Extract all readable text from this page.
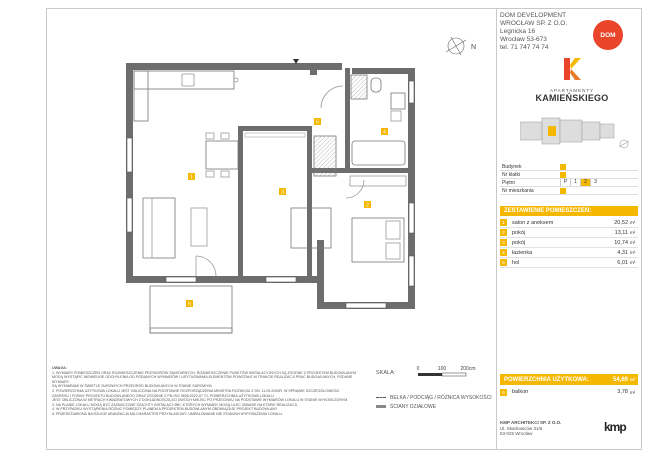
1
2
3
4
5
6
N
DOM DEVELOPMENT
WROCŁAW SP. Z O.O.
Legnicka 16
Wrocław 53-673
tel. 71 747 74 74
DOM
APARTAMENTY
KAMIEŃSKIEGO
Budynek
Nr klatki
Piętro	P	1	2	3
Nr mieszkania
ZESTAWIENIE POMIESZCZEŃ:
1	salon z aneksem	20,52 m²
2	pokój	13,11 m²
3	pokój	10,74 m²
4	łazienka	4,31 m²
5	hol	6,01 m²
POWIERZCHNIA UŻYTKOWA:	54,69 m²
6	balkon	3,78 m²
UWAGA:
1. WYMIARY POMIESZCZEŃ ORAZ ROZMIESZCZENIE PRZYBORÓW SANITARNYCH, ROZMIESZCZENIE PUNKTÓW INSTALACYJNYCH SĄ ZGODNE Z PROJEKTEM BUDOWLANYM.
MOGĄ WYSTĄPIĆ NIEWIELKIE ODCHYLENIA OD PODANYCH WYMIARÓW I USYTUOWANIA ELEMENTÓW POWSTAŁE W TRAKCIE REALIZACJI PRAC BUDOWLANYCH, PODANE WYMIARY
SĄ WYMIARAMI W ŚWIETLE SUROWYCH PRZEGRÓD BUDOWLANYCH W STANIE SUROWYM.
2. POWIERZCHNIA UŻYTKOWA LOKALU JEST OBLICZONA NA PODSTAWIE ROZPORZĄDZENIA MINISTRA ROZWOJU Z DN. 11.09.2020R. W SPRAWIE SZCZEGÓŁOWEGO
ZAKRESU I FORMY PROJEKTU BUDOWLANEGO ORAZ ZGODNIE Z PN-ISO 9836:2022-07 TJ. POWIERZCHNIA UŻYTKOWA LOKALU
JEST OBLICZONA W METRACH KWADRATOWYCH Z DOKŁADNOŚCIĄ DO DWÓCH MIEJSC PO PRZECINKU NA PODSTAWIE WYMIARÓW LOKALU W STANIE WYKOŃCZONYM.
3. NA PLANIE LOKALU MOGĄ BYĆ ZAZNACZONE SZACHTY INSTALACYJNE, KTÓRYCH WYMIARY MOGĄ ULEC ZMIANIE NA ETAPIE REALIZACJI.
4. W PRZYPADKU WYSTĄPIENIA RÓŻNIC POMIĘDZY PLANEM A PROJEKTEM BUDOWLANYM OBOWIĄZUJE PROJEKT BUDOWLANY.
5. PRZEDSTAWIONA NA RZUCIE ARANŻACJA MA CHARAKTER PRZYKŁADOWY. UMEBLOWANIE NIE STANOWI WYPOSAŻENIA LOKALU.
SKALA:
0	100	200cm
BELKA / PODCIĄG / RÓŻNICA WYSOKOŚCI
ŚCIANY DZIAŁOWE
KMP ARCHITEKCI SP. Z O.O.
Ul. Skarbowców 31/6
53-025 Wrocław	kmp
